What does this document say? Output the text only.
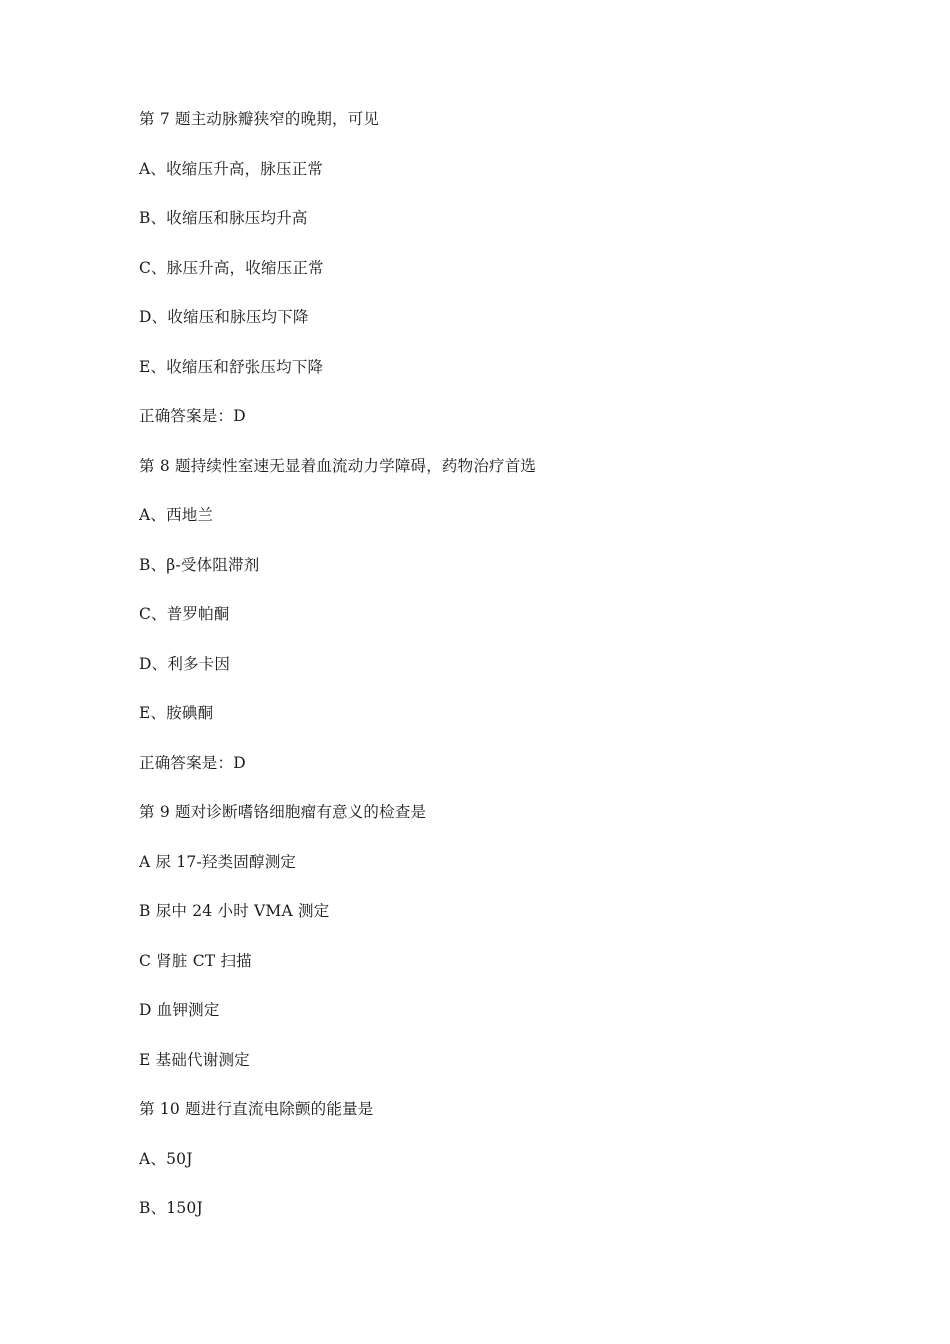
第 7 题主动脉瓣狭窄的晚期，可见
A、收缩压升高，脉压正常
B、收缩压和脉压均升高
C、脉压升高，收缩压正常
D、收缩压和脉压均下降
E、收缩压和舒张压均下降
正确答案是：D
第 8 题持续性室速无显着血流动力学障碍，药物治疗首选
A、西地兰
B、β-受体阻滞剂
C、普罗帕酮
D、利多卡因
E、胺碘酮
正确答案是：D
第 9 题对诊断嗜铬细胞瘤有意义的检查是
A 尿 17-羟类固醇测定
B 尿中 24 小时 VMA 测定
C 肾脏 CT 扫描
D 血钾测定
E 基础代谢测定
第 10 题进行直流电除颤的能量是
A、50J
B、150J
